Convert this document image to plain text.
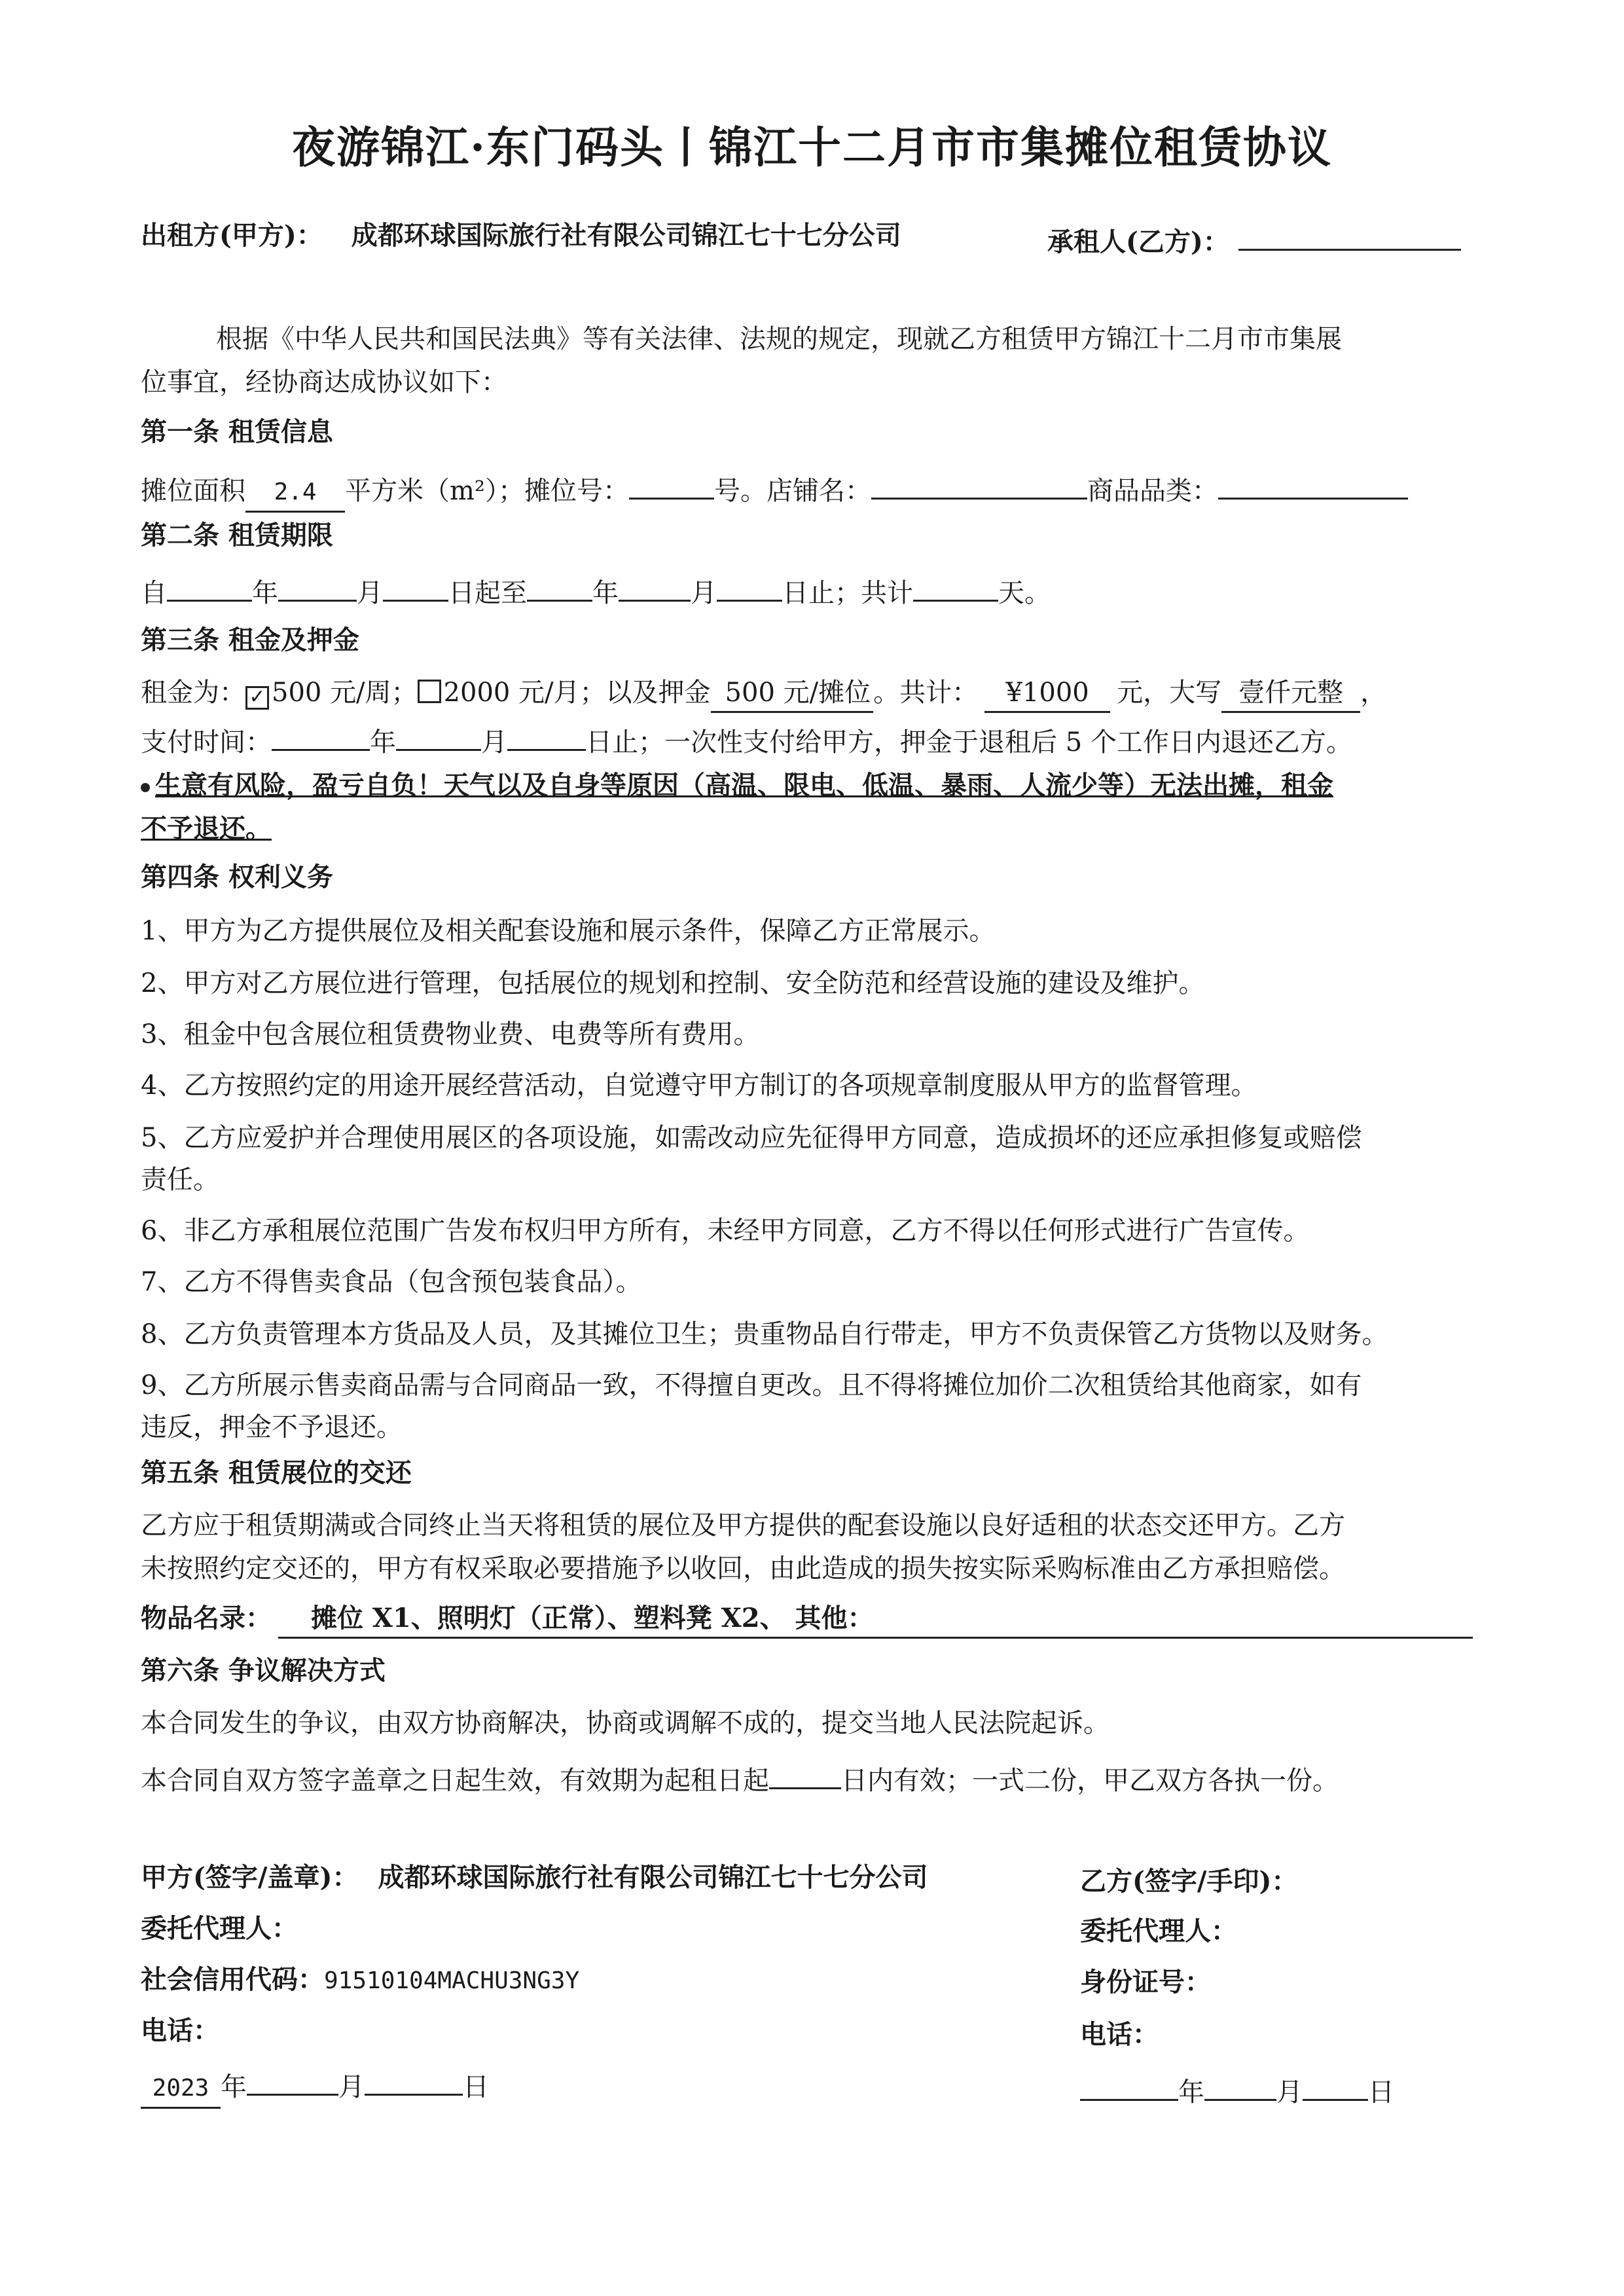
夜游锦江·东门码头丨锦江十二月市市集摊位租赁协议
出租方(甲方)： 成都环球国际旅行社有限公司锦江七十七分公司	承租人(乙方)：
根据《中华人民共和国民法典》等有关法律、法规的规定，现就乙方租赁甲方锦江十二月市市集展
位事宜，经协商达成协议如下：
第一条 租赁信息
摊位面积 2.4 平方米（m²）；摊位号：	号。店铺名：	商品品类：
第二条 租赁期限
自	年	月	日起至	年	月	日止；共计	天。
第三条 租金及押金
租金为： ✓ 500 元/周； 2000 元/月；以及押金 500 元/摊位 。共计： ¥1000 元，大写 壹仟元整 ，
支付时间：	年	月	日止；一次性支付给甲方，押金于退租后 5 个工作日内退还乙方。
生意有风险，盈亏自负！天气以及自身等原因（高温、限电、低温、暴雨、人流少等）无法出摊，租金
不予退还。
第四条 权利义务
1、甲方为乙方提供展位及相关配套设施和展示条件，保障乙方正常展示。
2、甲方对乙方展位进行管理，包括展位的规划和控制、安全防范和经营设施的建设及维护。
3、租金中包含展位租赁费物业费、电费等所有费用。
4、乙方按照约定的用途开展经营活动，自觉遵守甲方制订的各项规章制度服从甲方的监督管理。
5、乙方应爱护并合理使用展区的各项设施，如需改动应先征得甲方同意，造成损坏的还应承担修复或赔偿
责任。
6、非乙方承租展位范围广告发布权归甲方所有，未经甲方同意，乙方不得以任何形式进行广告宣传。
7、乙方不得售卖食品（包含预包装食品）。
8、乙方负责管理本方货品及人员，及其摊位卫生；贵重物品自行带走，甲方不负责保管乙方货物以及财务。
9、乙方所展示售卖商品需与合同商品一致，不得擅自更改。且不得将摊位加价二次租赁给其他商家，如有
违反，押金不予退还。
第五条 租赁展位的交还
乙方应于租赁期满或合同终止当天将租赁的展位及甲方提供的配套设施以良好适租的状态交还甲方。乙方
未按照约定交还的，甲方有权采取必要措施予以收回，由此造成的损失按实际采购标准由乙方承担赔偿。
物品名录： 摊位 X1、照明灯（正常）、塑料凳 X2、 其他：
第六条 争议解决方式
本合同发生的争议，由双方协商解决，协商或调解不成的，提交当地人民法院起诉。
本合同自双方签字盖章之日起生效，有效期为起租日起	日内有效；一式二份，甲乙双方各执一份。
甲方(签字/盖章)： 成都环球国际旅行社有限公司锦江七十七分公司
委托代理人：
社会信用代码：91510104MACHU3NG3Y
电话：
2023 年	月	日
乙方(签字/手印)：
委托代理人：
身份证号：
电话：
年	月	日
